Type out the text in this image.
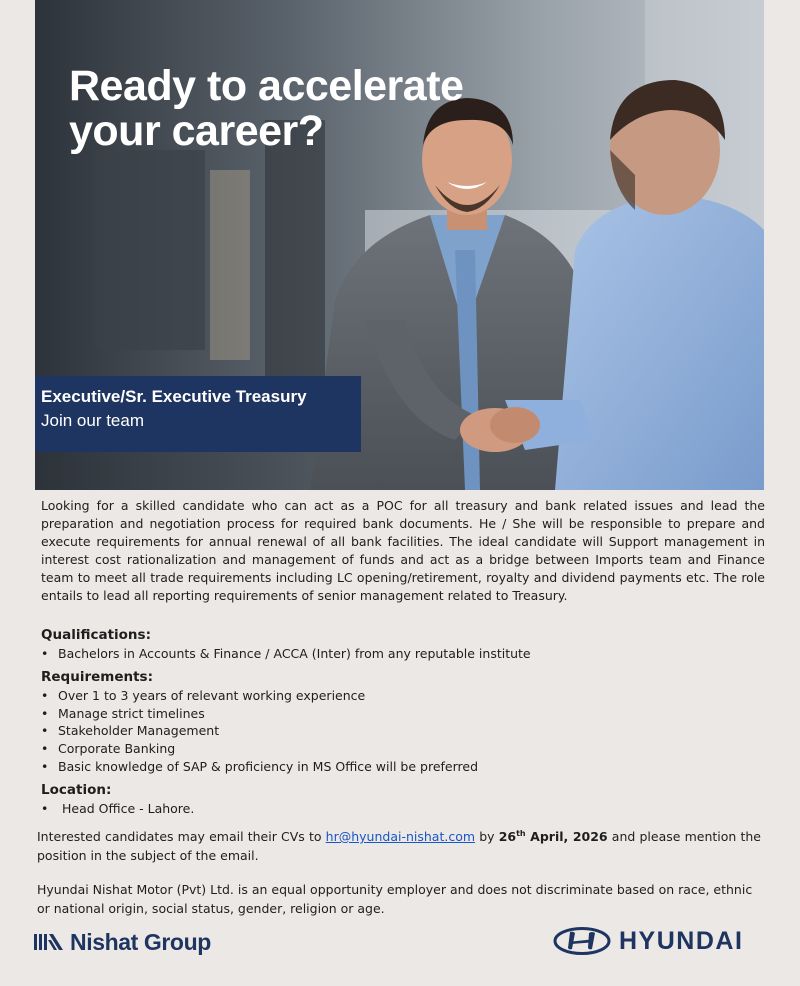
Ready to accelerate
your career?
Executive/Sr. Executive Treasury
Join our team

Looking for a skilled candidate who can act as a POC for all treasury and bank related issues and lead the preparation and negotiation process for required bank documents. He / She will be responsible to prepare and execute requirements for annual renewal of all bank facilities. The ideal candidate will Support management in interest cost rationalization and management of funds and act as a bridge between Imports team and Finance team to meet all trade requirements including LC opening/retirement, royalty and dividend payments etc. The role entails to lead all reporting requirements of senior management related to Treasury.

Qualifications:
• Bachelors in Accounts & Finance / ACCA (Inter) from any reputable institute
Requirements:
• Over 1 to 3 years of relevant working experience
• Manage strict timelines
• Stakeholder Management
• Corporate Banking
• Basic knowledge of SAP & proficiency in MS Office will be preferred
Location:
• Head Office - Lahore.

Interested candidates may email their CVs to hr@hyundai-nishat.com by 26th April, 2026 and please mention the position in the subject of the email.

Hyundai Nishat Motor (Pvt) Ltd. is an equal opportunity employer and does not discriminate based on race, ethnic or national origin, social status, gender, religion or age.

Nishat Group	HYUNDAI
